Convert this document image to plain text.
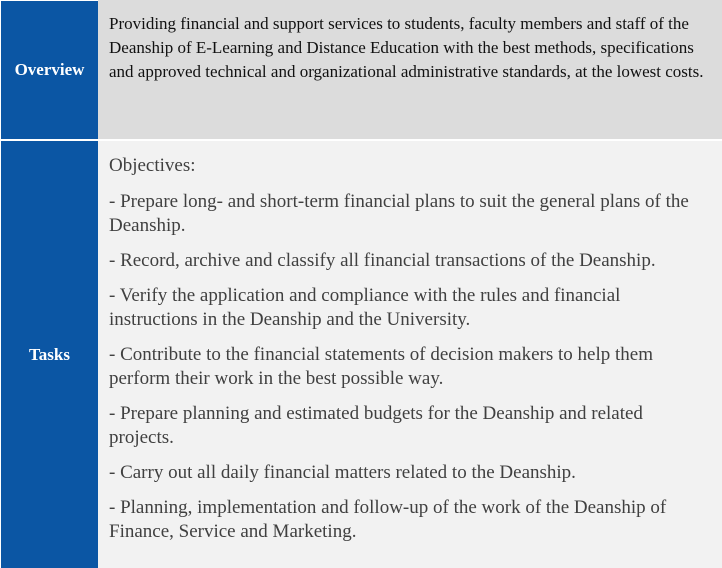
Overview
Providing financial and support services to students, faculty members and staff of the Deanship of E-Learning and Distance Education with the best methods, specifications and approved technical and organizational administrative standards, at the lowest costs.
Tasks

Objectives:

- Prepare long- and short-term financial plans to suit the general plans of the Deanship.

- Record, archive and classify all financial transactions of the Deanship.

- Verify the application and compliance with the rules and financial instructions in the Deanship and the University.

- Contribute to the financial statements of decision makers to help them perform their work in the best possible way.

- Prepare planning and estimated budgets for the Deanship and related projects.

- Carry out all daily financial matters related to the Deanship.

- Planning, implementation and follow-up of the work of the Deanship of Finance, Service and Marketing.
